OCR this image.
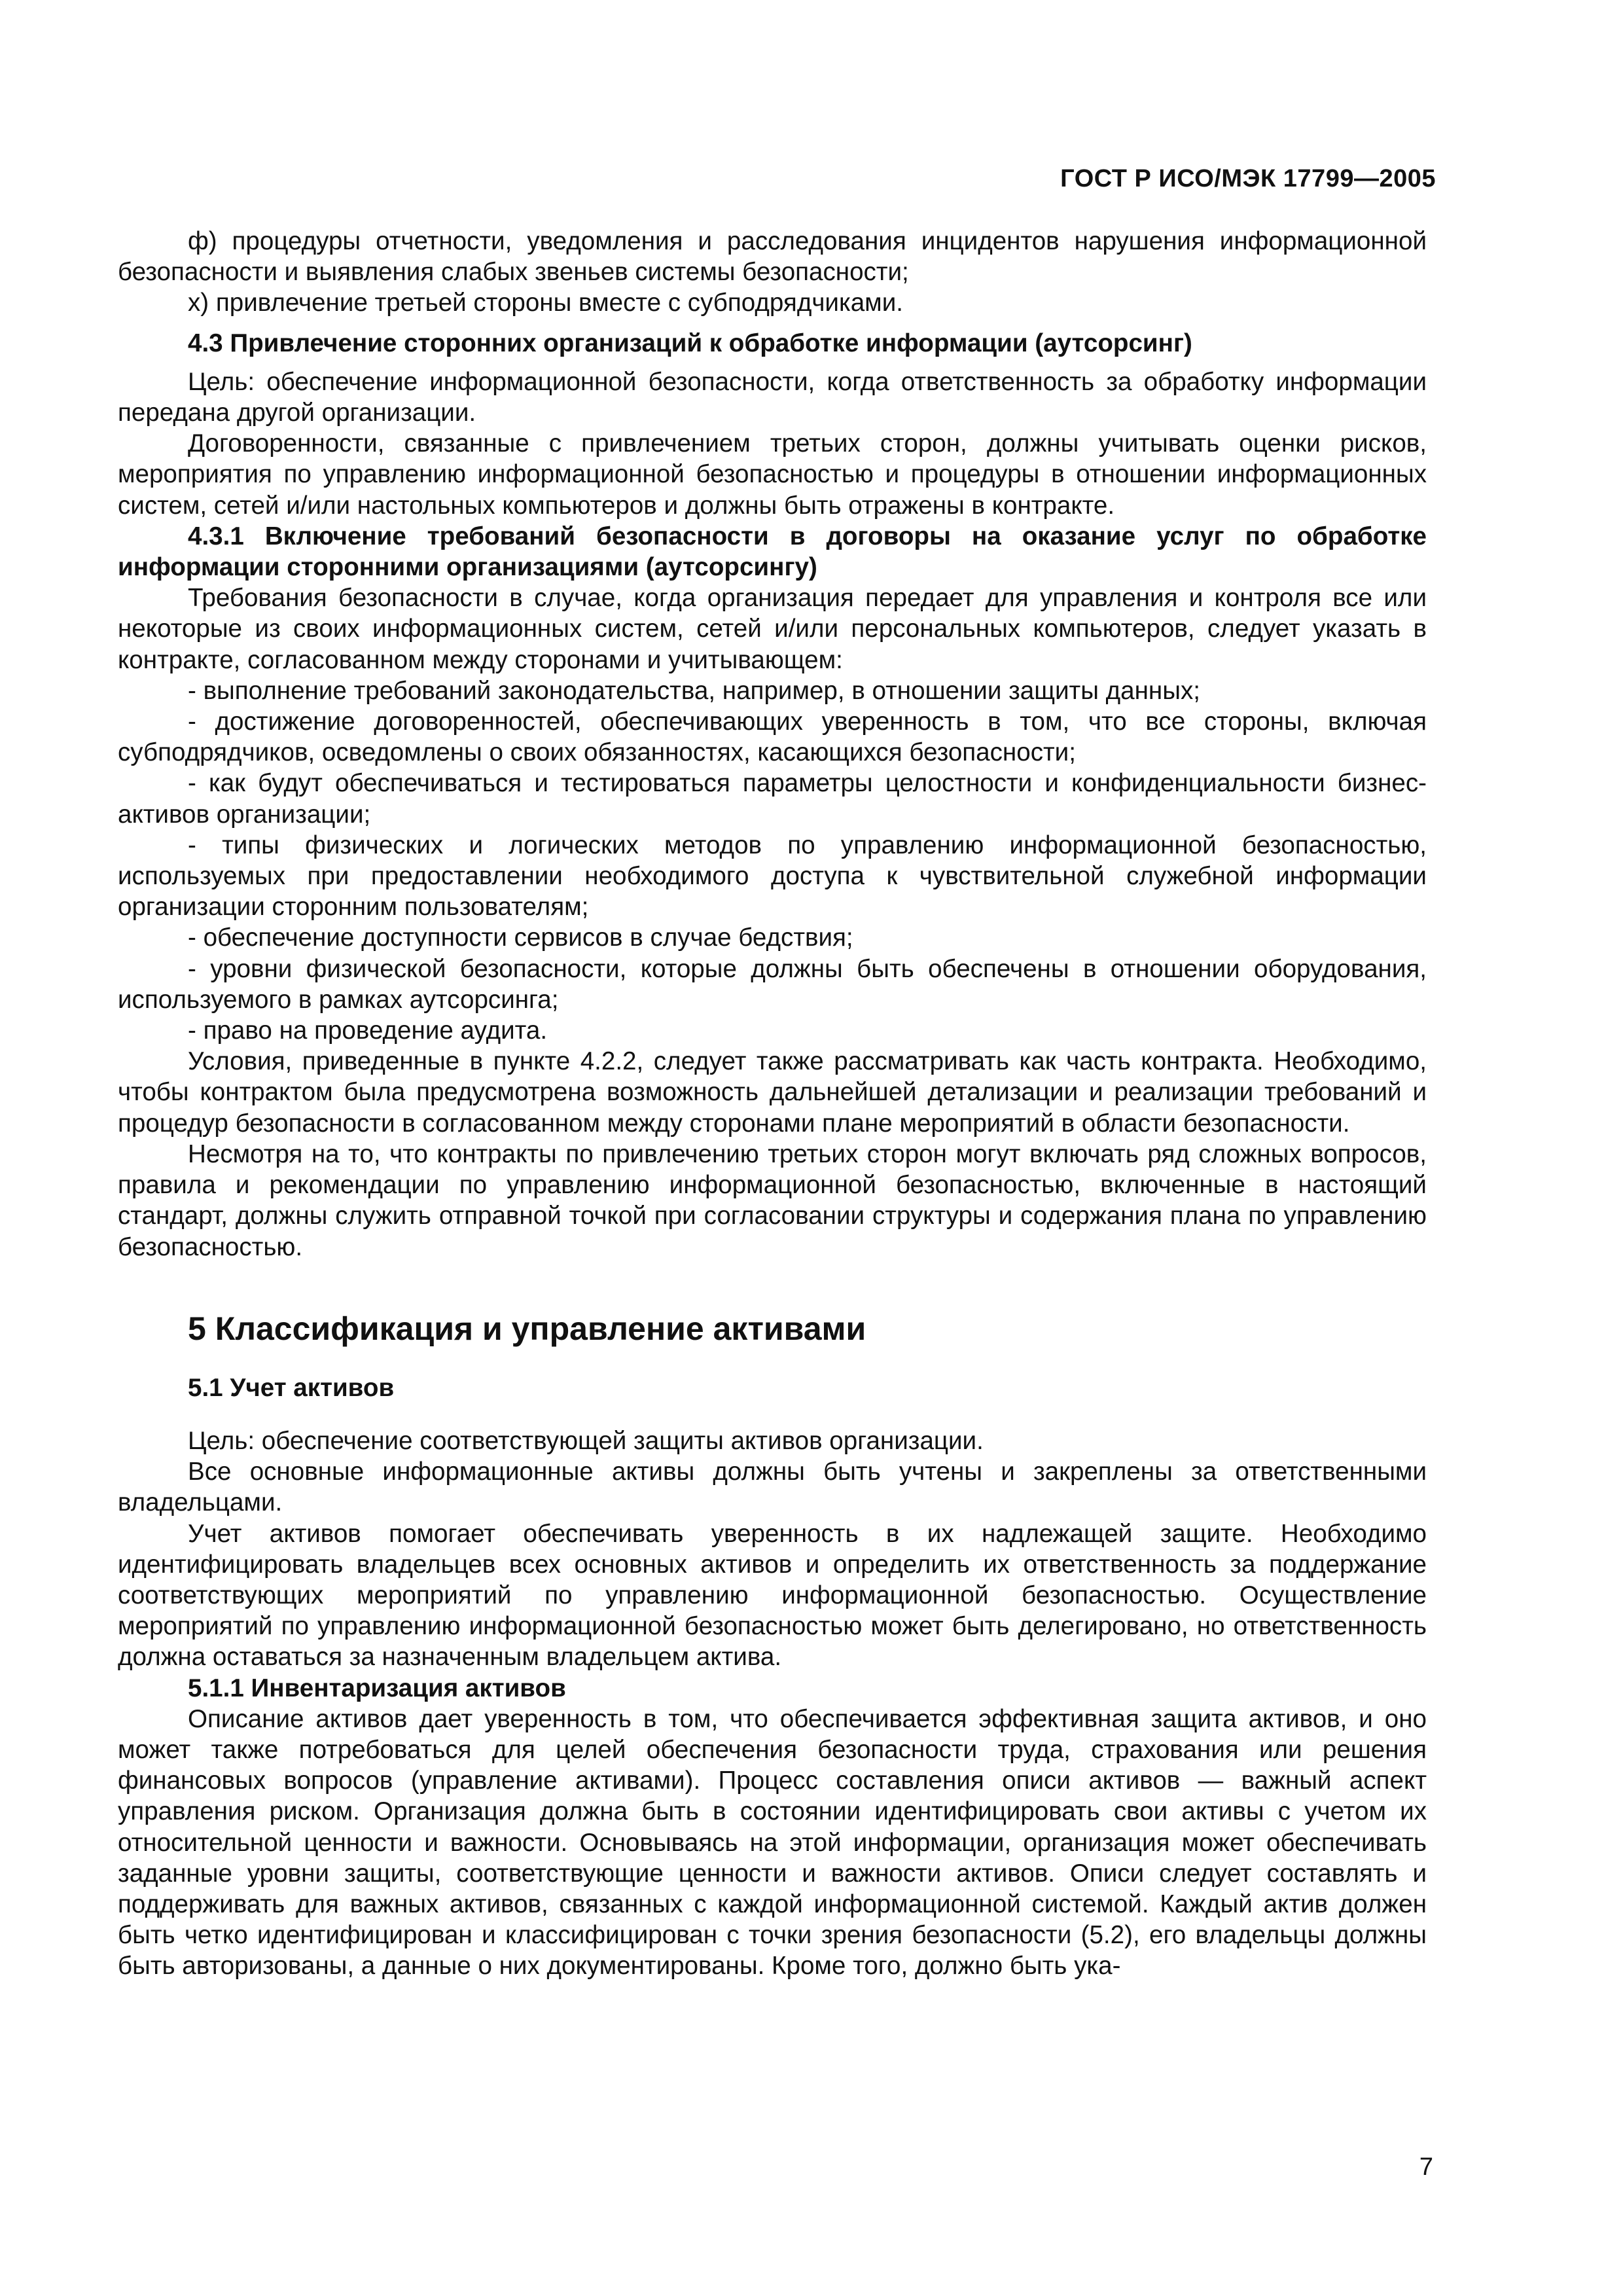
ГОСТ Р ИСО/МЭК 17799—2005

ф) процедуры отчетности, уведомления и расследования инцидентов нарушения информационной безопасности и выявления слабых звеньев системы безопасности;

х) привлечение третьей стороны вместе с субподрядчиками.

4.3 Привлечение сторонних организаций к обработке информации (аутсорсинг)

Цель: обеспечение информационной безопасности, когда ответственность за обработку информации передана другой организации.

Договоренности, связанные с привлечением третьих сторон, должны учитывать оценки рисков, мероприятия по управлению информационной безопасностью и процедуры в отношении информационных систем, сетей и/или настольных компьютеров и должны быть отражены в контракте.

4.3.1 Включение требований безопасности в договоры на оказание услуг по обработке информации сторонними организациями (аутсорсингу)

Требования безопасности в случае, когда организация передает для управления и контроля все или некоторые из своих информационных систем, сетей и/или персональных компьютеров, следует указать в контракте, согласованном между сторонами и учитывающем:

- выполнение требований законодательства, например, в отношении защиты данных;

- достижение договоренностей, обеспечивающих уверенность в том, что все стороны, включая субподрядчиков, осведомлены о своих обязанностях, касающихся безопасности;

- как будут обеспечиваться и тестироваться параметры целостности и конфиденциальности бизнес-активов организации;

- типы физических и логических методов по управлению информационной безопасностью, используемых при предоставлении необходимого доступа к чувствительной служебной информации организации сторонним пользователям;

- обеспечение доступности сервисов в случае бедствия;

- уровни физической безопасности, которые должны быть обеспечены в отношении оборудования, используемого в рамках аутсорсинга;

- право на проведение аудита.

Условия, приведенные в пункте 4.2.2, следует также рассматривать как часть контракта. Необходимо, чтобы контрактом была предусмотрена возможность дальнейшей детализации и реализации требований и процедур безопасности в согласованном между сторонами плане мероприятий в области безопасности.

Несмотря на то, что контракты по привлечению третьих сторон могут включать ряд сложных вопросов, правила и рекомендации по управлению информационной безопасностью, включенные в настоящий стандарт, должны служить отправной точкой при согласовании структуры и содержания плана по управлению безопасностью.

5 Классификация и управление активами

5.1 Учет активов

Цель: обеспечение соответствующей защиты активов организации.

Все основные информационные активы должны быть учтены и закреплены за ответственными владельцами.

Учет активов помогает обеспечивать уверенность в их надлежащей защите. Необходимо идентифицировать владельцев всех основных активов и определить их ответственность за поддержание соответствующих мероприятий по управлению информационной безопасностью. Осуществление мероприятий по управлению информационной безопасностью может быть делегировано, но ответственность должна оставаться за назначенным владельцем актива.

5.1.1 Инвентаризация активов

Описание активов дает уверенность в том, что обеспечивается эффективная защита активов, и оно может также потребоваться для целей обеспечения безопасности труда, страхования или решения финансовых вопросов (управление активами). Процесс составления описи активов — важный аспект управления риском. Организация должна быть в состоянии идентифицировать свои активы с учетом их относительной ценности и важности. Основываясь на этой информации, организация может обеспечивать заданные уровни защиты, соответствующие ценности и важности активов. Описи следует составлять и поддерживать для важных активов, связанных с каждой информационной системой. Каждый актив должен быть четко идентифицирован и классифицирован с точки зрения безопасности (5.2), его владельцы должны быть авторизованы, а данные о них документированы. Кроме того, должно быть ука-

7
